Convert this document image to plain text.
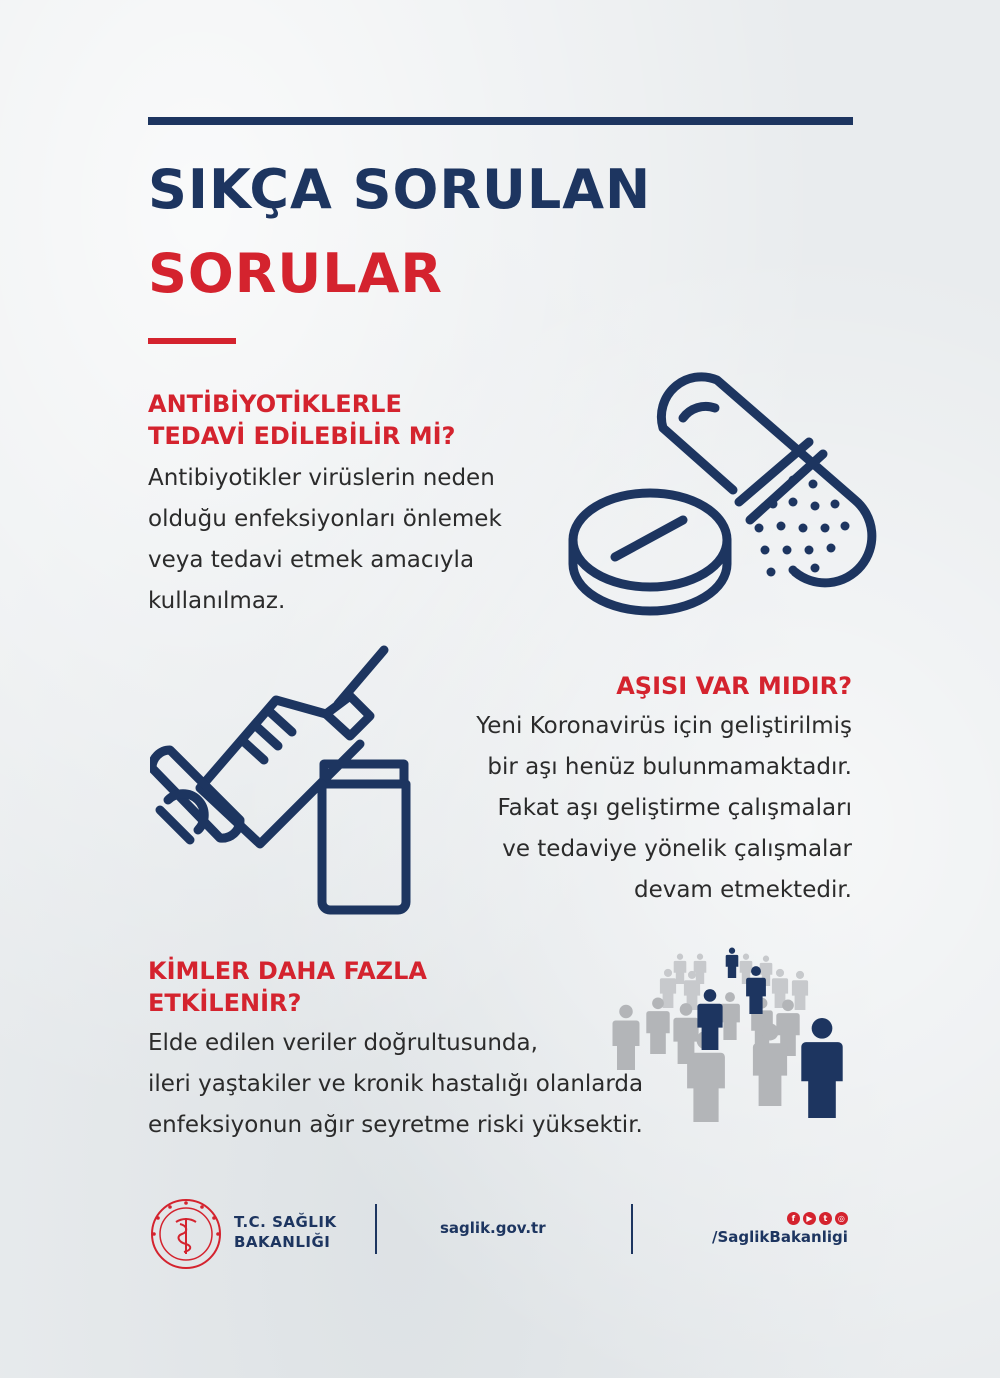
SIKÇA SORULAN
SORULAR

ANTİBİYOTİKLERLE
TEDAVİ EDİLEBİLİR Mİ?

Antibiyotikler virüslerin neden
olduğu enfeksiyonları önlemek
veya tedavi etmek amacıyla
kullanılmaz.

AŞISI VAR MIDIR?

Yeni Koronavirüs için geliştirilmiş
bir aşı henüz bulunmamaktadır.
Fakat aşı geliştirme çalışmaları
ve tedaviye yönelik çalışmalar
devam etmektedir.

KİMLER DAHA FAZLA
ETKİLENİR?

Elde edilen veriler doğrultusunda,
ileri yaştakiler ve kronik hastalığı olanlarda
enfeksiyonun ağır seyretme riski yüksektir.

T.C. SAĞLIK
BAKANLIĞI
saglik.gov.tr
f	▶	t	◎
/SaglikBakanligi
